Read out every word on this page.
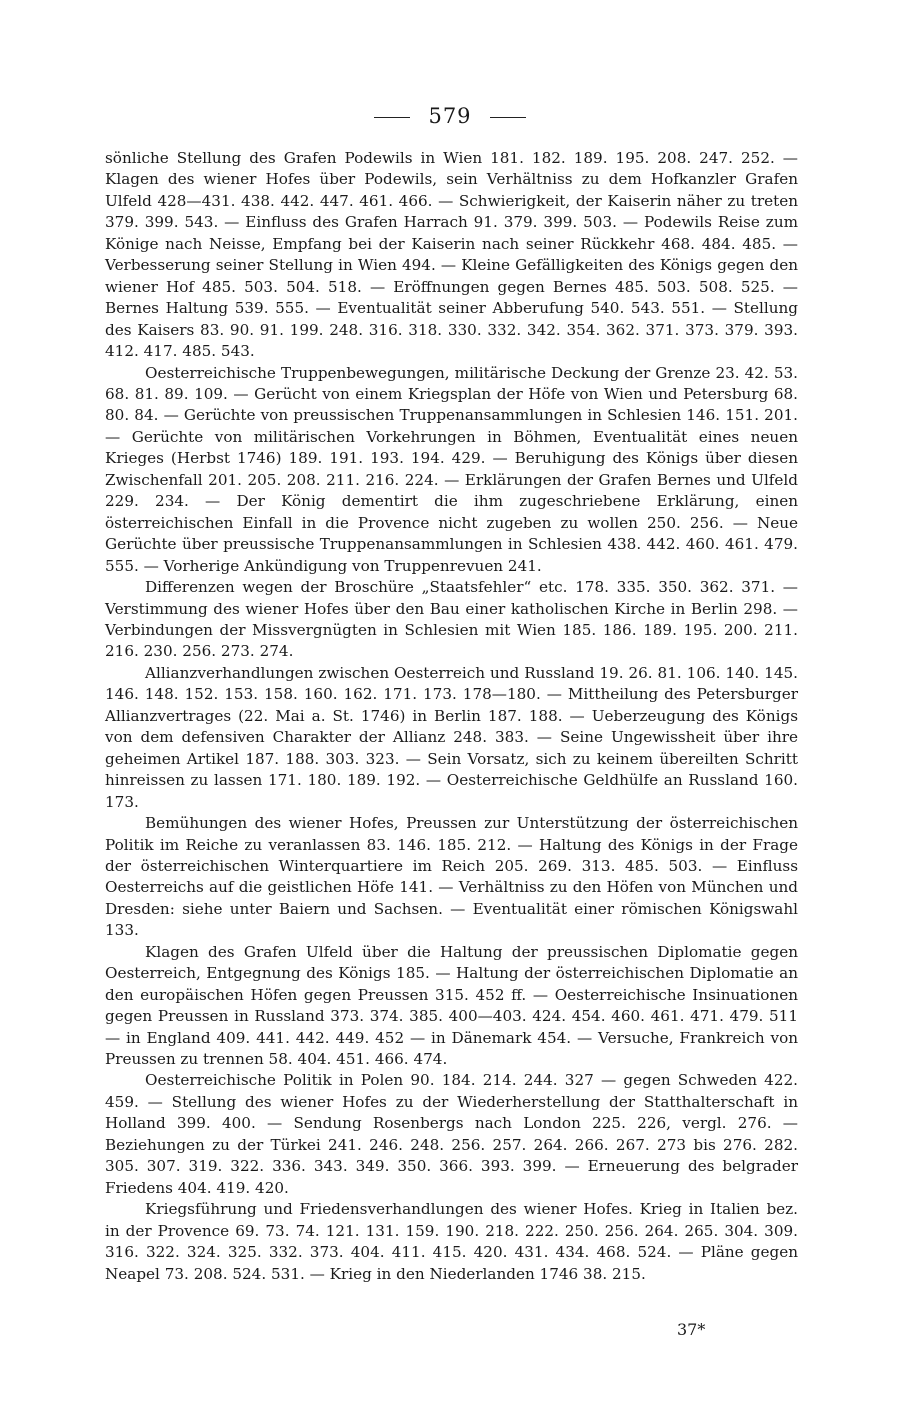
579

sönliche Stellung des Grafen Podewils in Wien 181. 182. 189. 195. 208. 247. 252. — Klagen des wiener Hofes über Podewils, sein Verhältniss zu dem Hofkanzler Grafen Ulfeld 428—431. 438. 442. 447. 461. 466. — Schwierigkeit, der Kaiserin näher zu treten 379. 399. 543. — Einfluss des Grafen Harrach 91. 379. 399. 503. — Podewils Reise zum Könige nach Neisse, Empfang bei der Kaiserin nach seiner Rückkehr 468. 484. 485. — Verbesserung seiner Stellung in Wien 494. — Kleine Gefälligkeiten des Königs gegen den wiener Hof 485. 503. 504. 518. — Eröffnungen gegen Bernes 485. 503. 508. 525. — Bernes Haltung 539. 555. — Eventualität seiner Abberufung 540. 543. 551. — Stellung des Kaisers 83. 90. 91. 199. 248. 316. 318. 330. 332. 342. 354. 362. 371. 373. 379. 393. 412. 417. 485. 543.

Oesterreichische Truppenbewegungen, militärische Deckung der Grenze 23. 42. 53. 68. 81. 89. 109. — Gerücht von einem Kriegsplan der Höfe von Wien und Petersburg 68. 80. 84. — Gerüchte von preussischen Truppenansammlungen in Schlesien 146. 151. 201. — Gerüchte von militärischen Vorkehrungen in Böhmen, Eventualität eines neuen Krieges (Herbst 1746) 189. 191. 193. 194. 429. — Beruhigung des Königs über diesen Zwischenfall 201. 205. 208. 211. 216. 224. — Erklärungen der Grafen Bernes und Ulfeld 229. 234. — Der König dementirt die ihm zugeschriebene Erklärung, einen österreichischen Einfall in die Provence nicht zugeben zu wollen 250. 256. — Neue Gerüchte über preussische Truppenansammlungen in Schlesien 438. 442. 460. 461. 479. 555. — Vorherige Ankündigung von Truppenrevuen 241.

Differenzen wegen der Broschüre „Staatsfehler“ etc. 178. 335. 350. 362. 371. — Verstimmung des wiener Hofes über den Bau einer katholischen Kirche in Berlin 298. — Verbindungen der Missvergnügten in Schlesien mit Wien 185. 186. 189. 195. 200. 211. 216. 230. 256. 273. 274.

Allianzverhandlungen zwischen Oesterreich und Russland 19. 26. 81. 106. 140. 145. 146. 148. 152. 153. 158. 160. 162. 171. 173. 178—180. — Mittheilung des Petersburger Allianzvertrages (22. Mai a. St. 1746) in Berlin 187. 188. — Ueberzeugung des Königs von dem defensiven Charakter der Allianz 248. 383. — Seine Ungewissheit über ihre geheimen Artikel 187. 188. 303. 323. — Sein Vorsatz, sich zu keinem übereilten Schritt hinreissen zu lassen 171. 180. 189. 192. — Oesterreichische Geldhülfe an Russland 160. 173.

Bemühungen des wiener Hofes, Preussen zur Unterstützung der österreichischen Politik im Reiche zu veranlassen 83. 146. 185. 212. — Haltung des Königs in der Frage der österreichischen Winterquartiere im Reich 205. 269. 313. 485. 503. — Einfluss Oesterreichs auf die geistlichen Höfe 141. — Verhältniss zu den Höfen von München und Dresden: siehe unter Baiern und Sachsen. — Eventualität einer römischen Königswahl 133.

Klagen des Grafen Ulfeld über die Haltung der preussischen Diplomatie gegen Oesterreich, Entgegnung des Königs 185. — Haltung der österreichischen Diplomatie an den europäischen Höfen gegen Preussen 315. 452 ff. — Oesterreichische Insinuationen gegen Preussen in Russland 373. 374. 385. 400—403. 424. 454. 460. 461. 471. 479. 511 — in England 409. 441. 442. 449. 452 — in Dänemark 454. — Versuche, Frankreich von Preussen zu trennen 58. 404. 451. 466. 474.

Oesterreichische Politik in Polen 90. 184. 214. 244. 327 — gegen Schweden 422. 459. — Stellung des wiener Hofes zu der Wiederherstellung der Statthalterschaft in Holland 399. 400. — Sendung Rosenbergs nach London 225. 226, vergl. 276. — Beziehungen zu der Türkei 241. 246. 248. 256. 257. 264. 266. 267. 273 bis 276. 282. 305. 307. 319. 322. 336. 343. 349. 350. 366. 393. 399. — Erneuerung des belgrader Friedens 404. 419. 420.

Kriegsführung und Friedensverhandlungen des wiener Hofes. Krieg in Italien bez. in der Provence 69. 73. 74. 121. 131. 159. 190. 218. 222. 250. 256. 264. 265. 304. 309. 316. 322. 324. 325. 332. 373. 404. 411. 415. 420. 431. 434. 468. 524. — Pläne gegen Neapel 73. 208. 524. 531. — Krieg in den Niederlanden 1746 38. 215.

37*
